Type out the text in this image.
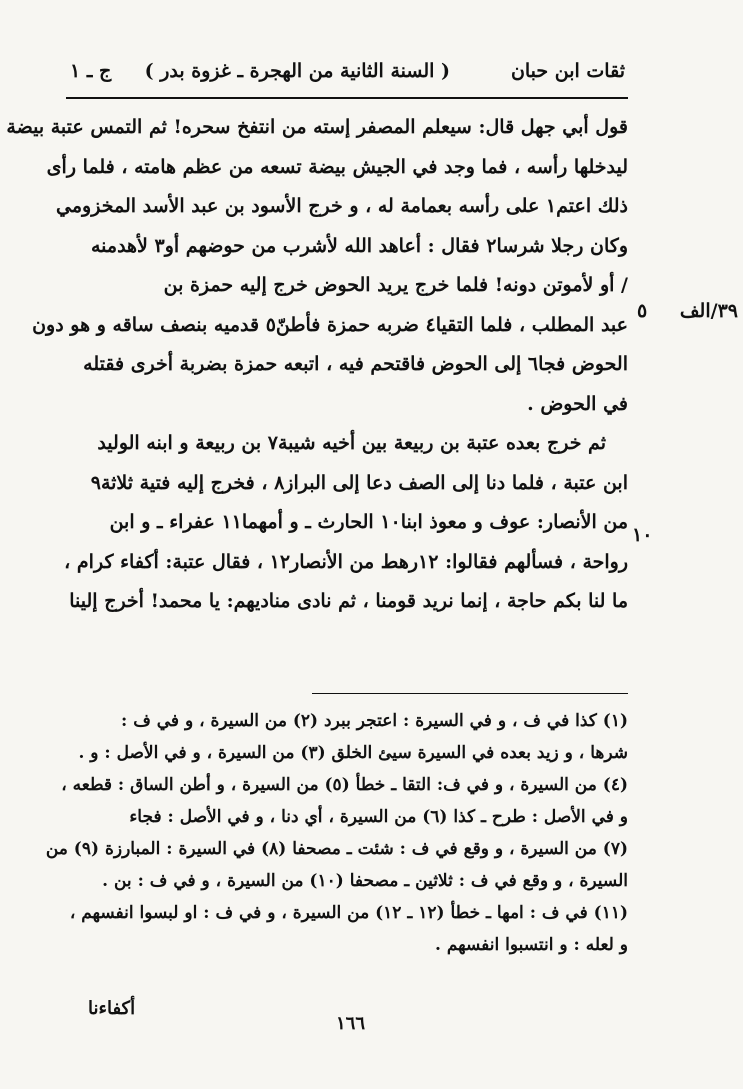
ثقات ابن حبان
( السنة الثانية من الهجرة ـ غزوة بدر )
ج ـ ١
قول أبي جهل قال: سيعلم المصفر إسته من انتفخ سحره! ثم التمس عتبة بيضة
ليدخلها رأسه ، فما وجد في الجيش بيضة تسعه من عظم هامته ، فلما رأى
ذلك اعتم١ على رأسه بعمامة له ، و خرج الأسود بن عبد الأسد المخزومي
وكان رجلا شرسا٢ فقال : أعاهد الله لأشرب من حوضهم أو٣ لأهدمنه
/ أو لأموتن دونه! فلما خرج يريد الحوض خرج إليه حمزة بن
عبد المطلب ، فلما التقيا٤ ضربه حمزة فأطنّ٥ قدميه بنصف ساقه و هو دون
الحوض فجا٦ إلى الحوض فاقتحم فيه ، اتبعه حمزة بضربة أخرى فقتله
في الحوض .
ثم خرج بعده عتبة بن ربيعة بين أخيه شيبة٧ بن ربيعة و ابنه الوليد
ابن عتبة ، فلما دنا إلى الصف دعا إلى البراز٨ ، فخرج إليه فتية ثلاثة٩
من الأنصار: عوف و معوذ ابنا١٠ الحارث ـ و أمهما١١ عفراء ـ و ابن
رواحة ، فسألهم فقالوا: ١٢رهط من الأنصار١٢ ، فقال عتبة: أكفاء كرام ،
ما لنا بكم حاجة ، إنما نريد قومنا ، ثم نادى مناديهم: يا محمد! أخرج إلينا
٣٩/الف
٥
١٠
(١) كذا في ف ، و في السيرة : اعتجر ببرد (٢) من السيرة ، و في ف :
شرها ، و زيد بعده في السيرة سيئ الخلق (٣) من السيرة ، و في الأصل : و .
(٤) من السيرة ، و في ف: التقا ـ خطأ (٥) من السيرة ، و أطن الساق : قطعه ،
و في الأصل : طرح ـ كذا (٦) من السيرة ، أي دنا ، و في الأصل : فجاء
(٧) من السيرة ، و وقع في ف : شئت ـ مصحفا (٨) في السيرة : المبارزة (٩) من
السيرة ، و وقع في ف : ثلاثين ـ مصحفا (١٠) من السيرة ، و في ف : بن .
(١١) في ف : امها ـ خطأ (١٢ ـ ١٢) من السيرة ، و في ف : او لبسوا انفسهم ،
و لعله : و انتسبوا انفسهم .
١٦٦
أكفاءنا
